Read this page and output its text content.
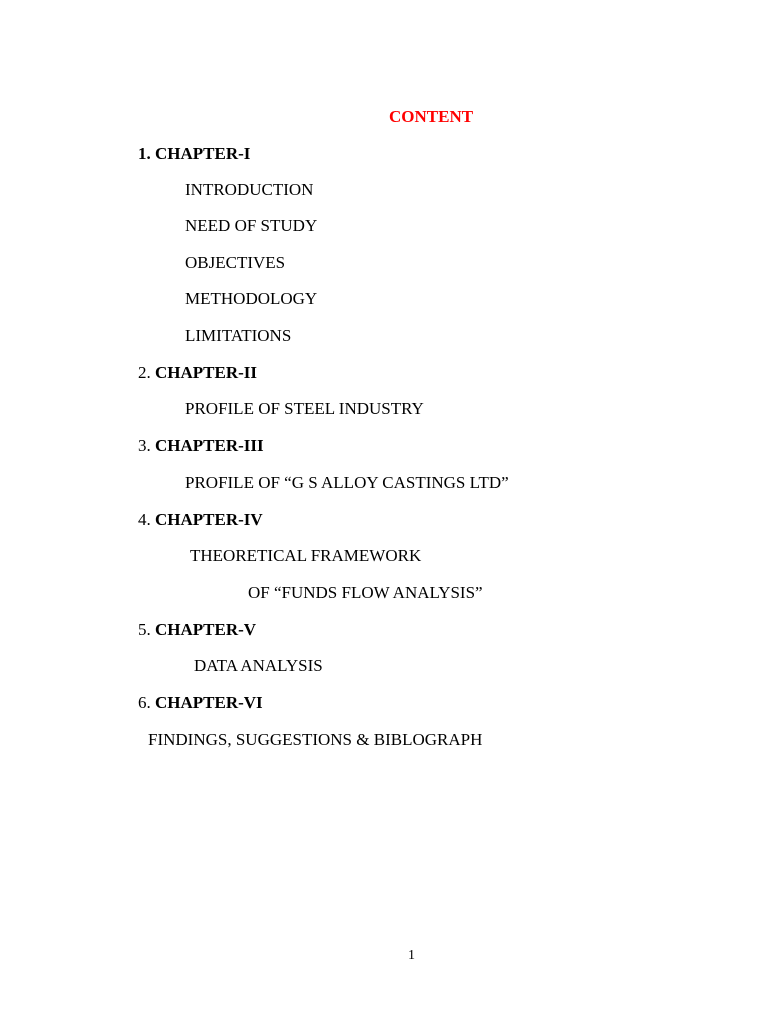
CONTENT
1. CHAPTER-I
INTRODUCTION
NEED OF STUDY
OBJECTIVES
METHODOLOGY
LIMITATIONS
2. CHAPTER-II
PROFILE OF STEEL INDUSTRY
3. CHAPTER-III
PROFILE OF “G S ALLOY CASTINGS LTD”
4. CHAPTER-IV
THEORETICAL FRAMEWORK
OF “FUNDS FLOW ANALYSIS”
5. CHAPTER-V
DATA ANALYSIS
6. CHAPTER-VI
FINDINGS, SUGGESTIONS & BIBLOGRAPH
1
